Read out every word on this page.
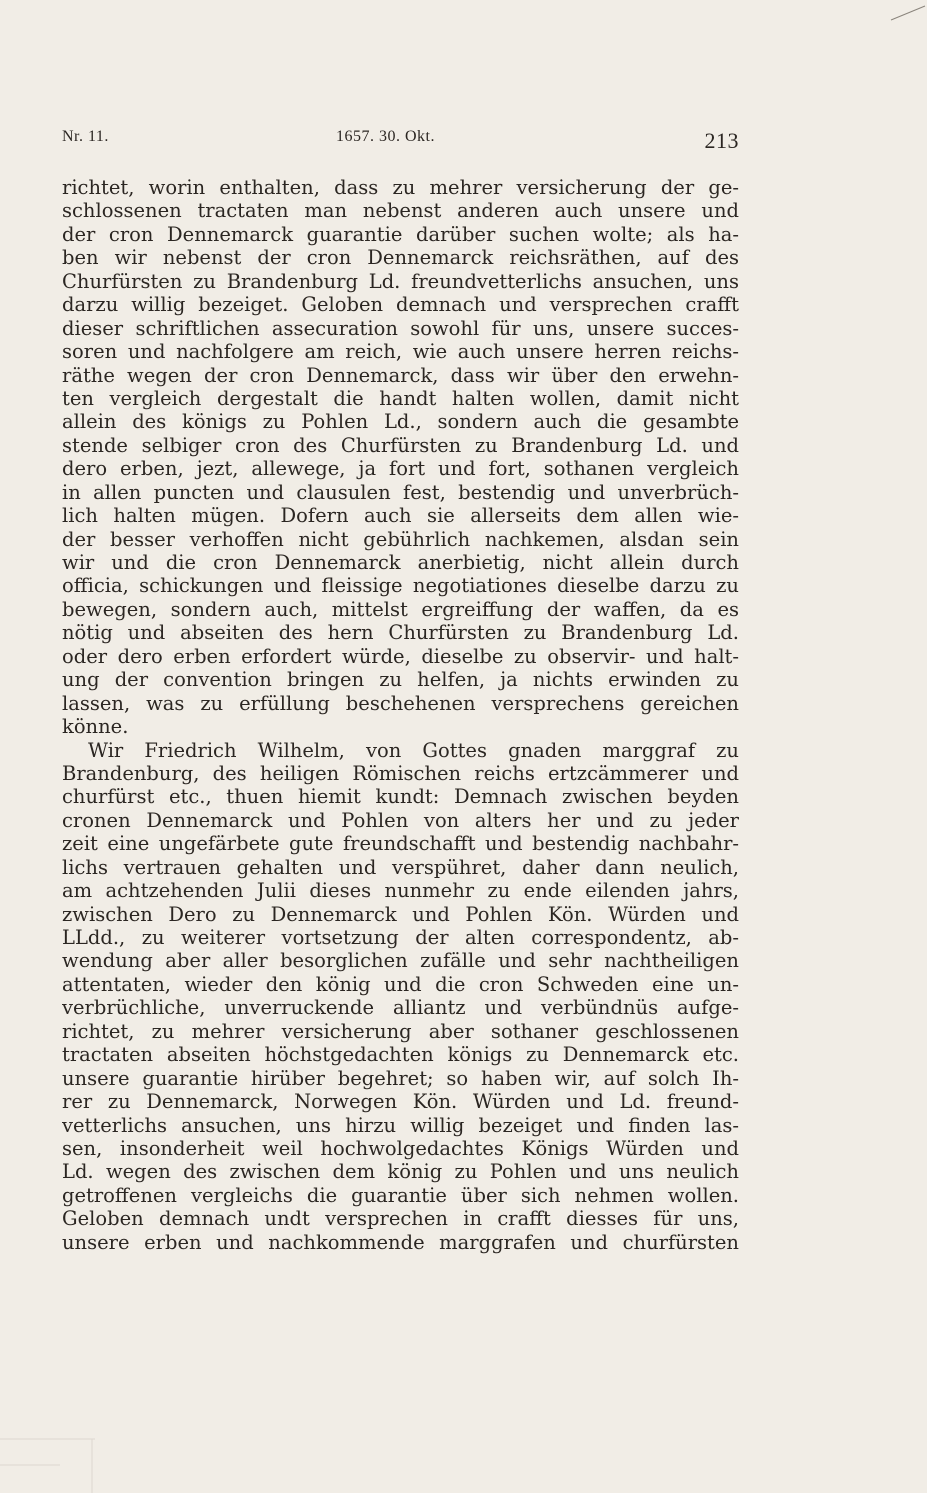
Nr. 11.	1657. 30. Okt.	213
richtet, worin enthalten, dass zu mehrer versicherung der ge-
schlossenen tractaten man nebenst anderen auch unsere und
der cron Dennemarck guarantie darüber suchen wolte; als ha-
ben wir nebenst der cron Dennemarck reichsräthen, auf des
Churfürsten zu Brandenburg Ld. freundvetterlichs ansuchen, uns
darzu willig bezeiget. Geloben demnach und versprechen crafft
dieser schriftlichen assecuration sowohl für uns, unsere succes-
soren und nachfolgere am reich, wie auch unsere herren reichs-
räthe wegen der cron Dennemarck, dass wir über den erwehn-
ten vergleich dergestalt die handt halten wollen, damit nicht
allein des königs zu Pohlen Ld., sondern auch die gesambte
stende selbiger cron des Churfürsten zu Brandenburg Ld. und
dero erben, jezt, allewege, ja fort und fort, sothanen vergleich
in allen puncten und clausulen fest, bestendig und unverbrüch-
lich halten mügen. Dofern auch sie allerseits dem allen wie-
der besser verhoffen nicht gebührlich nachkemen, alsdan sein
wir und die cron Dennemarck anerbietig, nicht allein durch
officia, schickungen und fleissige negotiationes dieselbe darzu zu
bewegen, sondern auch, mittelst ergreiffung der waffen, da es
nötig und abseiten des hern Churfürsten zu Brandenburg Ld.
oder dero erben erfordert würde, dieselbe zu observir- und halt-
ung der convention bringen zu helfen, ja nichts erwinden zu
lassen, was zu erfüllung beschehenen versprechens gereichen
könne.
Wir Friedrich Wilhelm, von Gottes gnaden marggraf zu
Brandenburg, des heiligen Römischen reichs ertzcämmerer und
churfürst etc., thuen hiemit kundt: Demnach zwischen beyden
cronen Dennemarck und Pohlen von alters her und zu jeder
zeit eine ungefärbete gute freundschafft und bestendig nachbahr-
lichs vertrauen gehalten und verspühret, daher dann neulich,
am achtzehenden Julii dieses nunmehr zu ende eilenden jahrs,
zwischen Dero zu Dennemarck und Pohlen Kön. Würden und
LLdd., zu weiterer vortsetzung der alten correspondentz, ab-
wendung aber aller besorglichen zufälle und sehr nachtheiligen
attentaten, wieder den könig und die cron Schweden eine un-
verbrüchliche, unverruckende alliantz und verbündnüs aufge-
richtet, zu mehrer versicherung aber sothaner geschlossenen
tractaten abseiten höchstgedachten königs zu Dennemarck etc.
unsere guarantie hirüber begehret; so haben wir, auf solch Ih-
rer zu Dennemarck, Norwegen Kön. Würden und Ld. freund-
vetterlichs ansuchen, uns hirzu willig bezeiget und finden las-
sen, insonderheit weil hochwolgedachtes Königs Würden und
Ld. wegen des zwischen dem könig zu Pohlen und uns neulich
getroffenen vergleichs die guarantie über sich nehmen wollen.
Geloben demnach undt versprechen in crafft diesses für uns,
unsere erben und nachkommende marggrafen und churfürsten
